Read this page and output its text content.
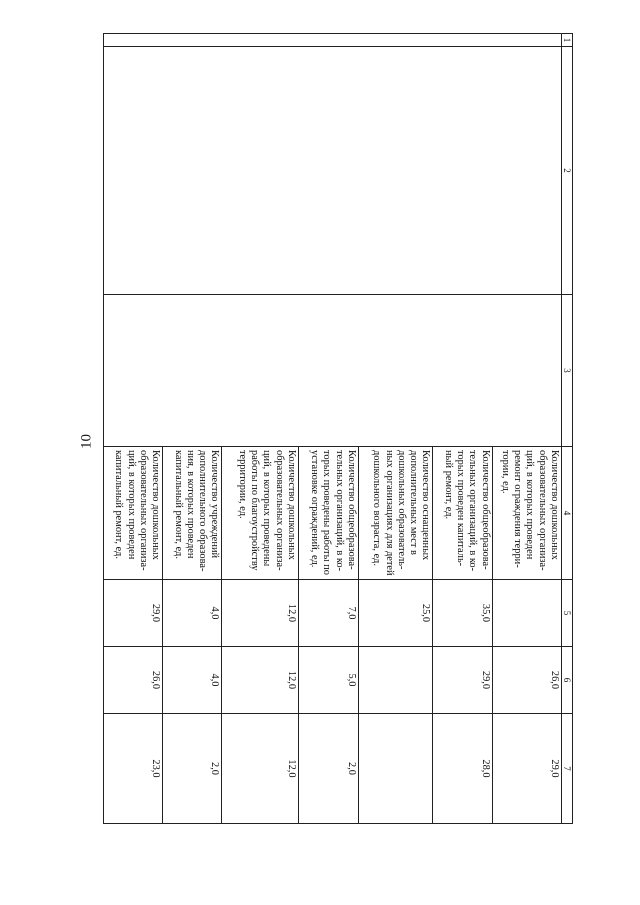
10
1	2	3	4	5	6	7
			Количество дошкольных образовательных организа-ций, в которых проведен ремонт ограждения терри-тории, ед.		26,0	29,0
			Количество общеобразова-тельных организаций, в ко-торых проведен капиталь-ный ремонт, ед.	35,0	29,0	28,0
			Количество оснащенных дополнительных мест в дошкольных образователь-ных организациях для детей дошкольного возраста, ед.	25,0		
			Количество общеобразова-тельных организаций, в ко-торых проведены работы по установке ограждений, ед.	7,0	5,0	2,0
			Количество дошкольных образовательных организа-ций, в которых проведены работы по благоустройству территории, ед.	12,0	12,0	12,0
			Количество учреждений дополнительного образова-ния, в которых проведен капитальный ремонт, ед.	4,0	4,0	2,0
			Количество дошкольных образовательных организа-ций, в которых проведен капитальный ремонт, ед.	29,0	26,0	23,0
